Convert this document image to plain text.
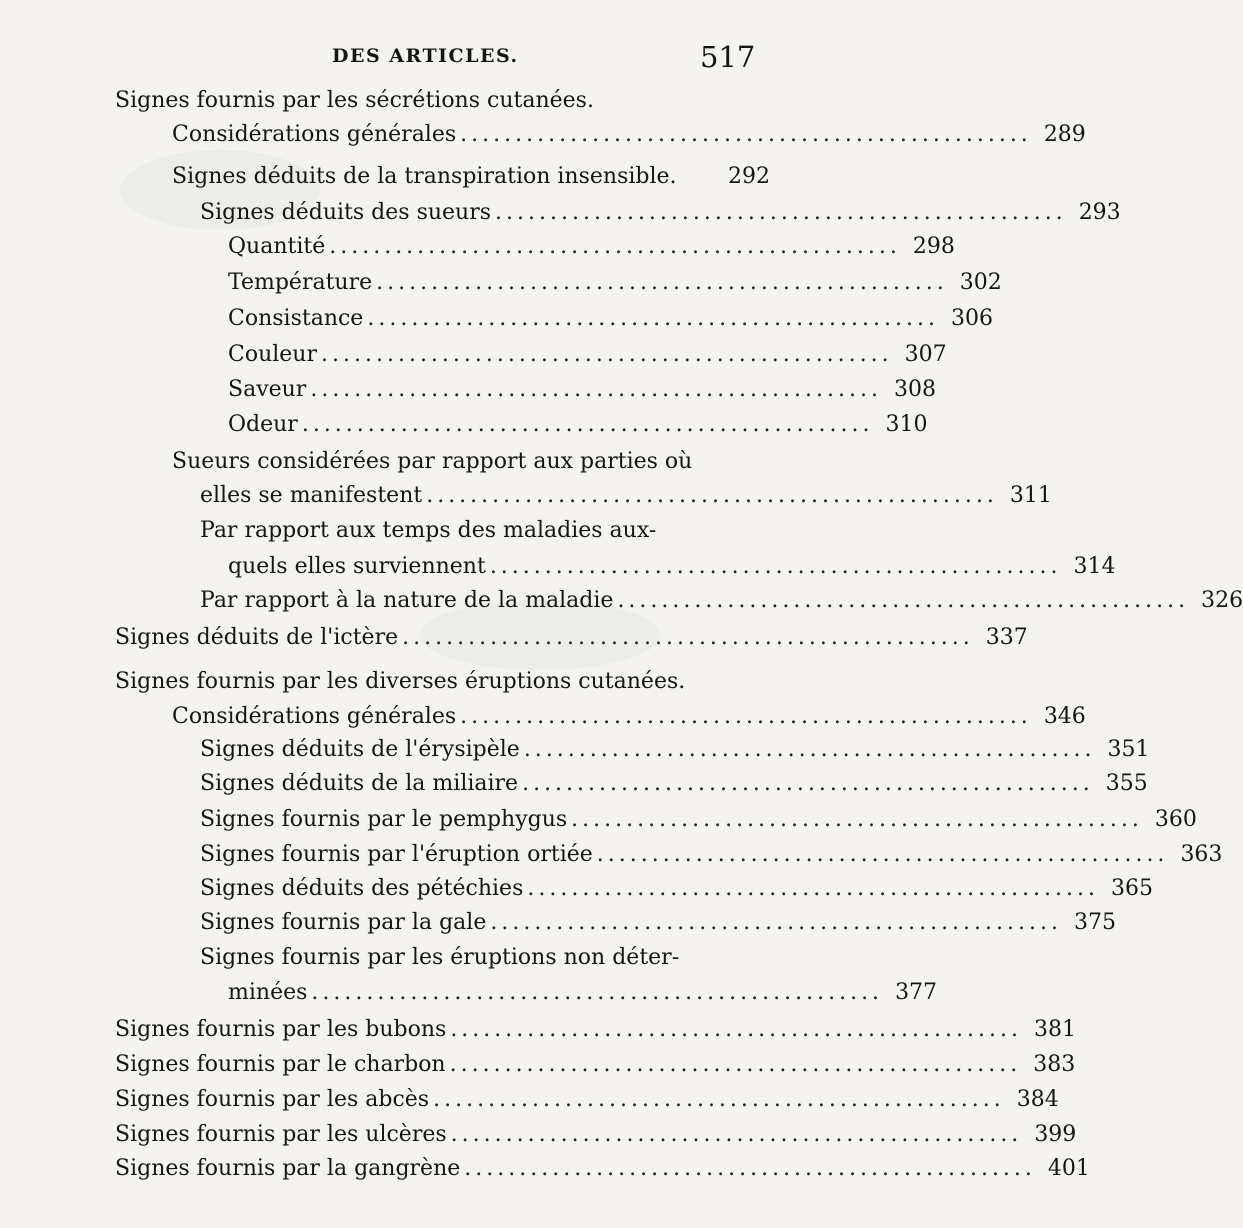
DES ARTICLES.	517
Signes fournis par les sécrétions cutanées.
Considérations générales .................................................... 289
Signes déduits de la transpiration insensible. 292
Signes déduits des sueurs .................................................... 293
Quantité .................................................... 298
Température .................................................... 302
Consistance .................................................... 306
Couleur .................................................... 307
Saveur .................................................... 308
Odeur .................................................... 310
Sueurs considérées par rapport aux parties où
elles se manifestent .................................................... 311
Par rapport aux temps des maladies aux-
quels elles surviennent .................................................... 314
Par rapport à la nature de la maladie .................................................... 326
Signes déduits de l'ictère .................................................... 337
Signes fournis par les diverses éruptions cutanées.
Considérations générales .................................................... 346
Signes déduits de l'érysipèle .................................................... 351
Signes déduits de la miliaire .................................................... 355
Signes fournis par le pemphygus .................................................... 360
Signes fournis par l'éruption ortiée .................................................... 363
Signes déduits des pétéchies .................................................... 365
Signes fournis par la gale .................................................... 375
Signes fournis par les éruptions non déter-
minées .................................................... 377
Signes fournis par les bubons .................................................... 381
Signes fournis par le charbon .................................................... 383
Signes fournis par les abcès .................................................... 384
Signes fournis par les ulcères .................................................... 399
Signes fournis par la gangrène .................................................... 401
